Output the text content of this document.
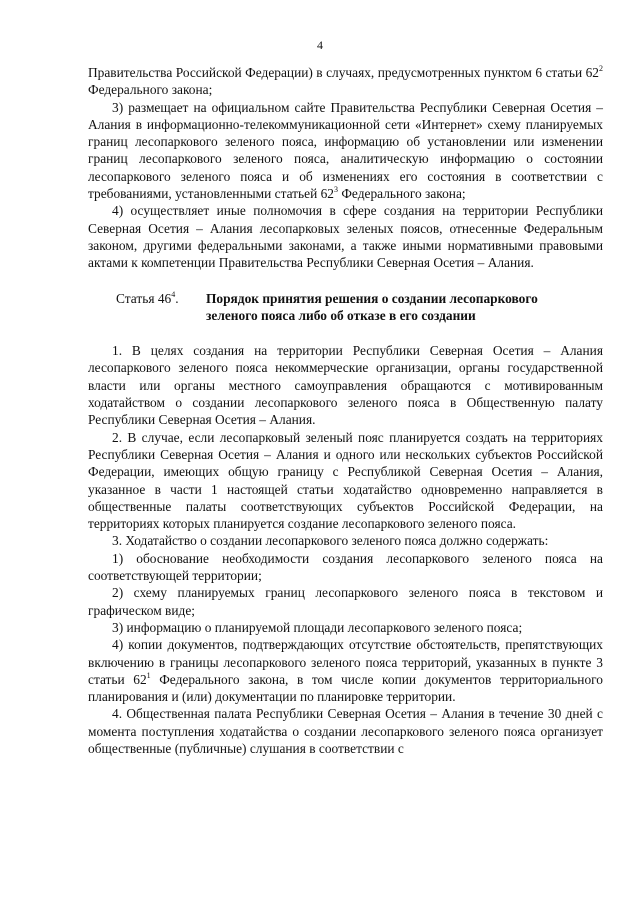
4

Правительства Российской Федерации) в случаях, предусмотренных пунктом 6 статьи $62^2$ Федерального закона;

3) размещает на официальном сайте Правительства Республики Северная Осетия – Алания в информационно-телекоммуникационной сети «Интернет» схему планируемых границ лесопаркового зеленого пояса, информацию об установлении или изменении границ лесопаркового зеленого пояса, аналитическую информацию о состоянии лесопаркового зеленого пояса и об изменениях его состояния в соответствии с требованиями, установленными статьей $62^3$ Федерального закона;

4) осуществляет иные полномочия в сфере создания на территории Республики Северная Осетия – Алания лесопарковых зеленых поясов, отнесенные Федеральным законом, другими федеральными законами, а также иными нормативными правовыми актами к компетенции Правительства Республики Северная Осетия – Алания.

Статья $46^4$.	Порядок принятия решения о создании лесопаркового
зеленого пояса либо об отказе в его создании

1. В целях создания на территории Республики Северная Осетия – Алания лесопаркового зеленого пояса некоммерческие организации, органы государственной власти или органы местного самоуправления обращаются с мотивированным ходатайством о создании лесопаркового зеленого пояса в Общественную палату Республики Северная Осетия – Алания.

2. В случае, если лесопарковый зеленый пояс планируется создать на территориях Республики Северная Осетия – Алания и одного или нескольких субъектов Российской Федерации, имеющих общую границу с Республикой Северная Осетия – Алания, указанное в части 1 настоящей статьи ходатайство одновременно направляется в общественные палаты соответствующих субъектов Российской Федерации, на территориях которых планируется создание лесопаркового зеленого пояса.

3. Ходатайство о создании лесопаркового зеленого пояса должно содержать:

1) обоснование необходимости создания лесопаркового зеленого пояса на соответствующей территории;

2) схему планируемых границ лесопаркового зеленого пояса в текстовом и графическом виде;

3) информацию о планируемой площади лесопаркового зеленого пояса;

4) копии документов, подтверждающих отсутствие обстоятельств, препятствующих включению в границы лесопаркового зеленого пояса территорий, указанных в пункте 3 статьи $62^1$ Федерального закона, в том числе копии документов территориального планирования и (или) документации по планировке территории.

4. Общественная палата Республики Северная Осетия – Алания в течение 30 дней с момента поступления ходатайства о создании лесопаркового зеленого пояса организует общественные (публичные) слушания в соответствии с
